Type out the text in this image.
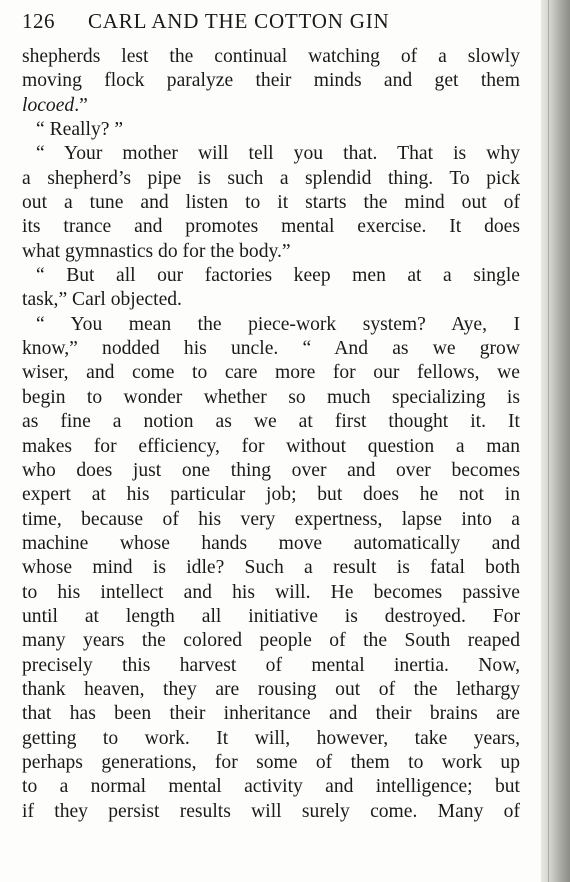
126 CARL AND THE COTTON GIN
shepherds lest the continual watching of a slowly
moving flock paralyze their minds and get them
locoed.”
“ Really? ”
“ Your mother will tell you that. That is why
a shepherd’s pipe is such a splendid thing. To pick
out a tune and listen to it starts the mind out of
its trance and promotes mental exercise. It does
what gymnastics do for the body.”
“ But all our factories keep men at a single
task,” Carl objected.
“ You mean the piece-work system? Aye, I
know,” nodded his uncle. “ And as we grow
wiser, and come to care more for our fellows, we
begin to wonder whether so much specializing is
as fine a notion as we at first thought it. It
makes for efficiency, for without question a man
who does just one thing over and over becomes
expert at his particular job; but does he not in
time, because of his very expertness, lapse into a
machine whose hands move automatically and
whose mind is idle? Such a result is fatal both
to his intellect and his will. He becomes passive
until at length all initiative is destroyed. For
many years the colored people of the South reaped
precisely this harvest of mental inertia. Now,
thank heaven, they are rousing out of the lethargy
that has been their inheritance and their brains are
getting to work. It will, however, take years,
perhaps generations, for some of them to work up
to a normal mental activity and intelligence; but
if they persist results will surely come. Many of
